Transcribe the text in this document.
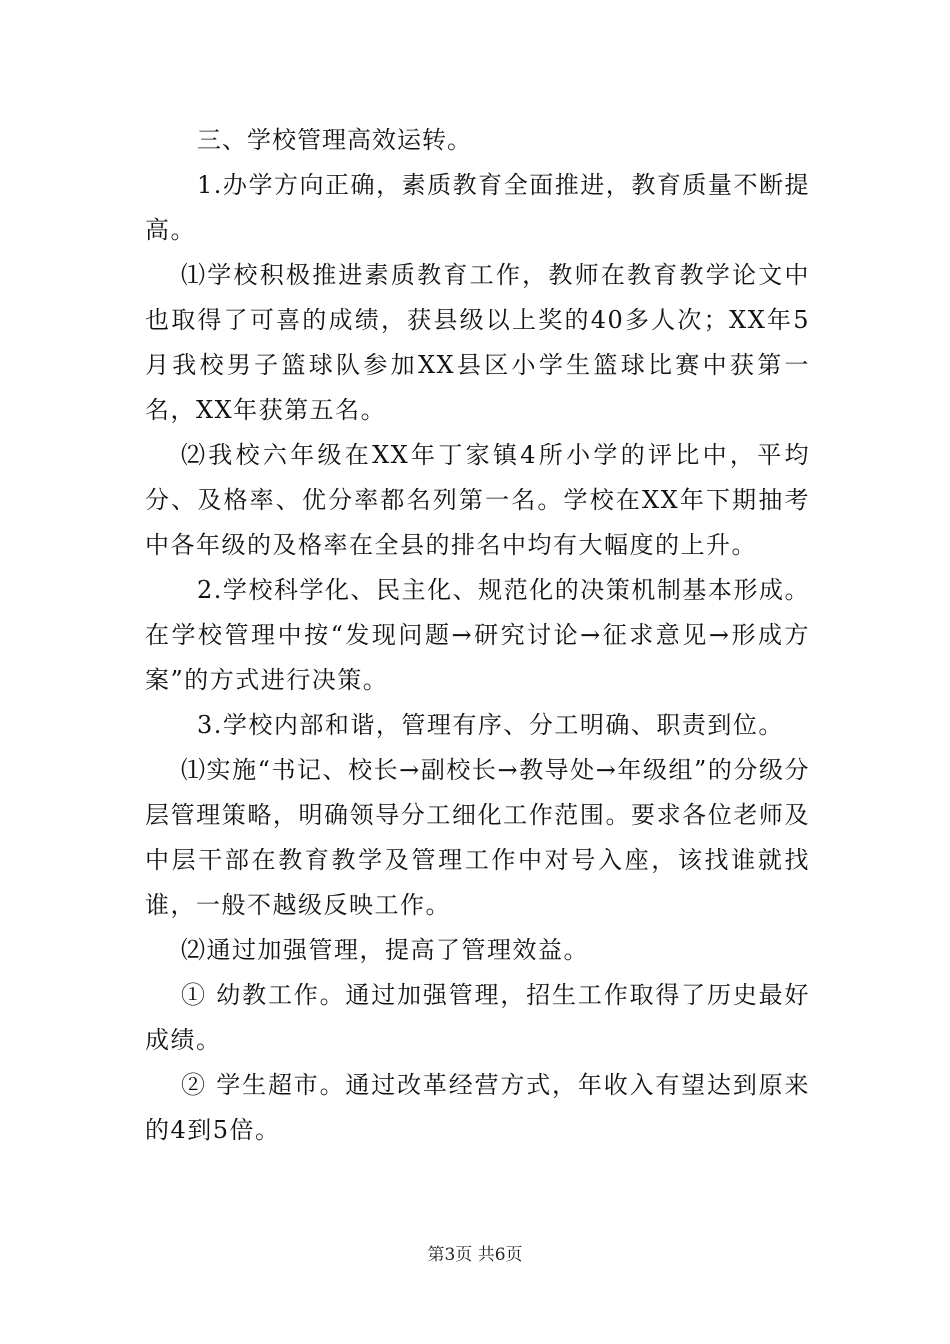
三、学校管理高效运转。

1.办学方向正确，素质教育全面推进，教育质量不断提高。

⑴学校积极推进素质教育工作，教师在教育教学论文中也取得了可喜的成绩，获县级以上奖的40多人次；XX年5月我校男子篮球队参加XX县区小学生篮球比赛中获第一名，XX年获第五名。

⑵我校六年级在XX年丁家镇4所小学的评比中，平均分、及格率、优分率都名列第一名。学校在XX年下期抽考中各年级的及格率在全县的排名中均有大幅度的上升。

2.学校科学化、民主化、规范化的决策机制基本形成。在学校管理中按“发现问题→研究讨论→征求意见→形成方案”的方式进行决策。

3.学校内部和谐，管理有序、分工明确、职责到位。

⑴实施“书记、校长→副校长→教导处→年级组”的分级分层管理策略，明确领导分工细化工作范围。要求各位老师及中层干部在教育教学及管理工作中对号入座，该找谁就找谁，一般不越级反映工作。

⑵通过加强管理，提高了管理效益。

① 幼教工作。通过加强管理，招生工作取得了历史最好成绩。

② 学生超市。通过改革经营方式，年收入有望达到原来的4到5倍。

第3页 共6页
